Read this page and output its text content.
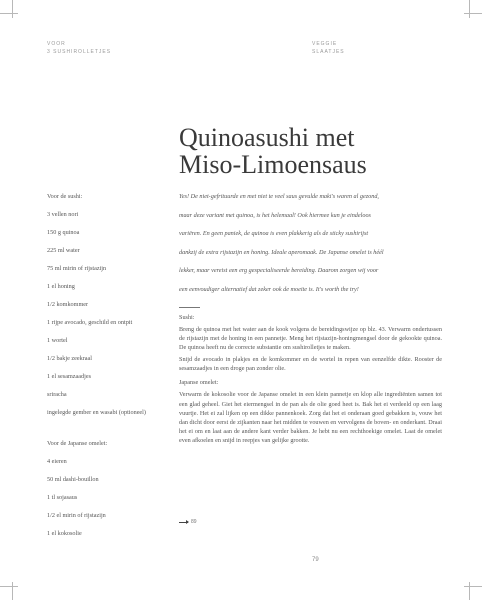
VOOR
3 SUSHIROLLETJES
VEGGIE
SLAATJES
Quinoasushi met
Miso-Limoensaus
Voor de sushi:
3 vellen nori
150 g quinoa
225 ml water
75 ml mirin of rijstazijn
1 el honing
1/2 komkommer
1 rijpe avocado, geschild en ontpit
1 wortel
1/2 bakje zeekraal
1 el sesamzaadjes
sriracha
ingelegde gember en wasabi (optioneel)
Voor de Japanse omelet:
4 eieren
50 ml dashi-bouillon
1 tl sojasaus
1/2 el mirin of rijstazijn
1 el kokosolie
Yes! De niet-gefrituurde en met niet te veel saus gevulde maki's waren al gezond,
maar deze variant met quinoa, is het helemaal! Ook hiermee kun je eindeloos
variëren. En geen paniek, de quinoa is even plakkerig als de sticky sushirijst
dankzij de extra rijstazijn en honing. Ideale aperomaak. De Japanse omelet is héél
lekker, maar vereist een erg gespecialiseerde bereiding. Daarom zorgen wij voor
een eenvoudiger alternatief dat zeker ook de moeite is. It's worth the try!
Sushi:
Breng de quinoa met het water aan de kook volgens de bereidingswijze op blz. 43. Verwarm ondertussen de rijstazijn met de honing in een pannetje. Meng het rijstazijn-honingmengsel door de gekookte quinoa. De quinoa heeft nu de correcte substantie om sushirolletjes te maken.
Snijd de avocado in plakjes en de komkommer en de wortel in repen van eenzelfde dikte. Rooster de sesamzaadjes in een droge pan zonder olie.
Japanse omelet:
Verwarm de kokosolie voor de Japanse omelet in een klein pannetje en klop alle ingrediënten samen tot een glad geheel. Giet het eiermengsel in de pan als de olie goed heet is. Bak het ei verdeeld op een laag vuurtje. Het ei zal lijken op een dikke pannenkoek. Zorg dat het ei onderaan goed gebakken is, vouw het dan dicht door eerst de zijkanten naar het midden te vouwen en vervolgens de boven- en onderkant. Draai het ei om en laat aan de andere kant verder bakken. Je hebt nu een rechthoekige omelet. Laat de omelet even afkoelen en snijd in reepjes van gelijke grootte.
89
79
